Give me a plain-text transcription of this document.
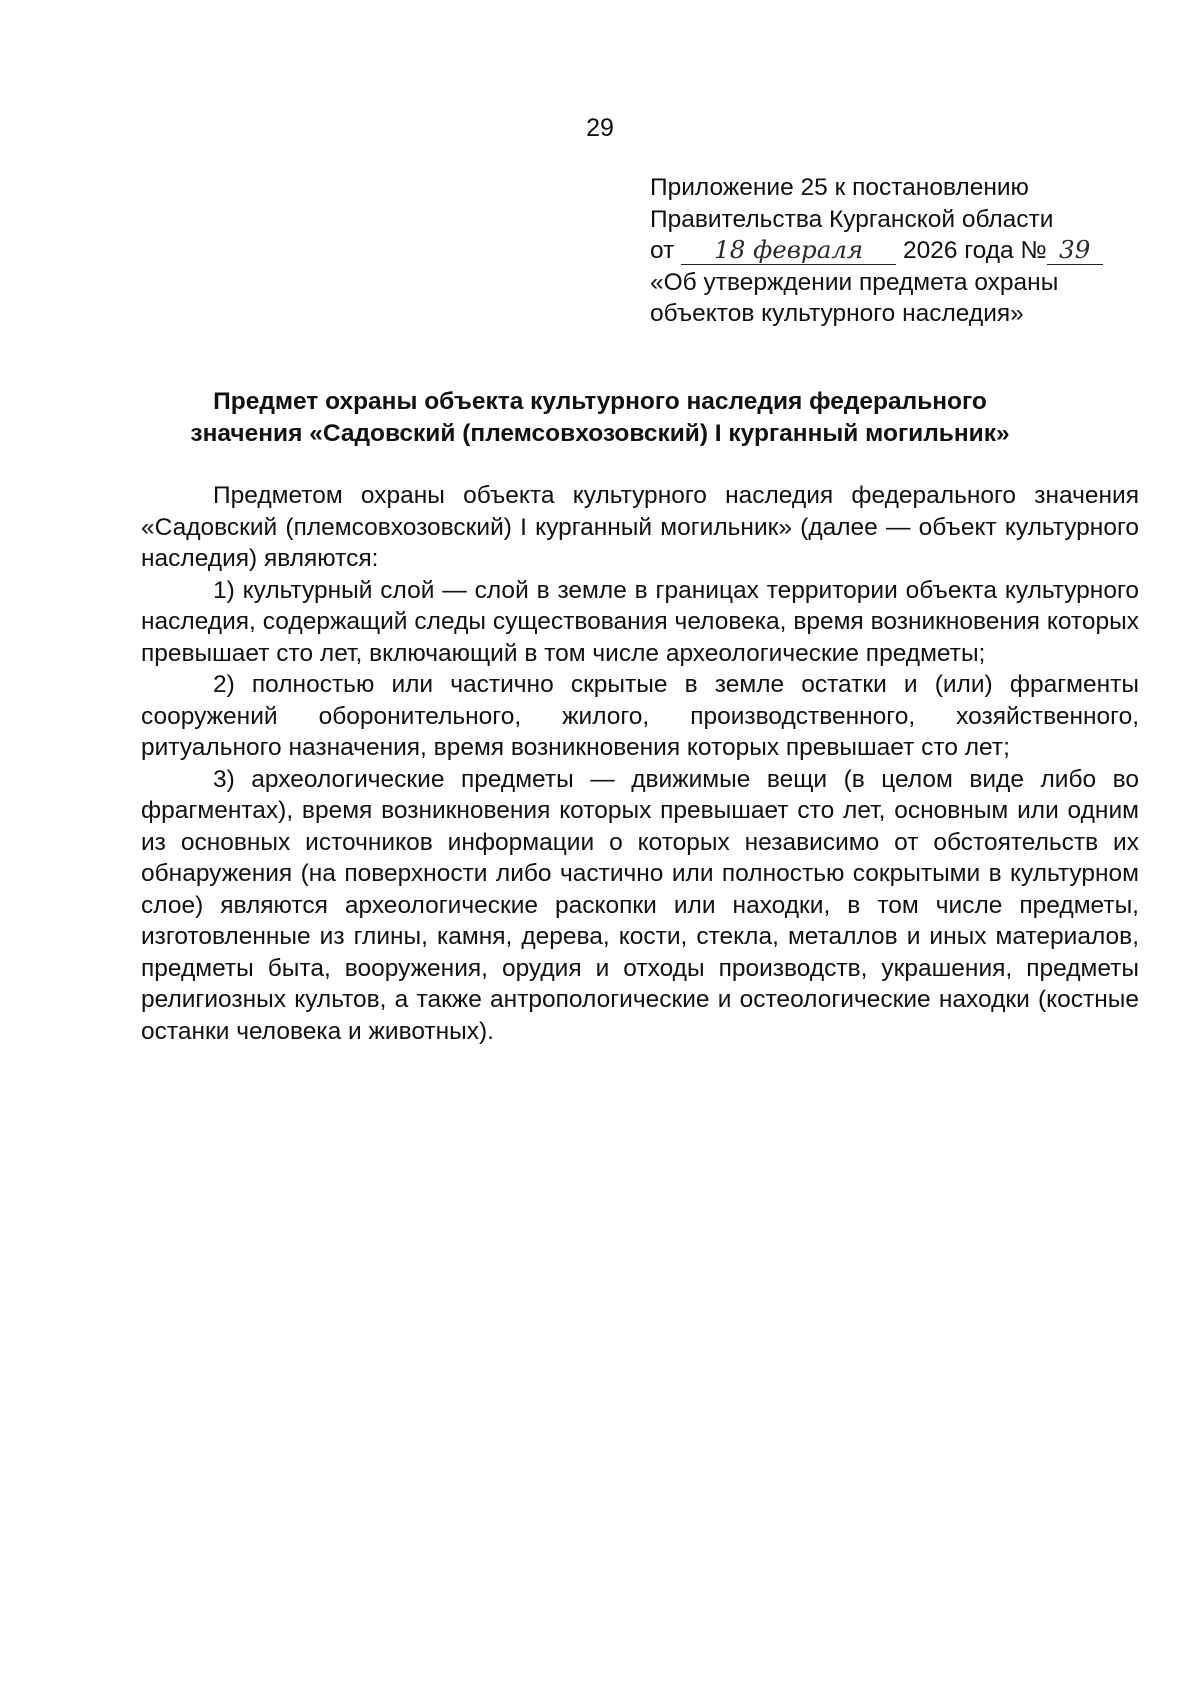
29
Приложение 25 к постановлению
Правительства Курганской области
от 18 февраля 2026 года № 39
«Об утверждении предмета охраны
объектов культурного наследия»
Предмет охраны объекта культурного наследия федерального
значения «Садовский (племсовхозовский) I курганный могильник»

Предметом охраны объекта культурного наследия федерального значения «Садовский (племсовхозовский) I курганный могильник» (далее — объект культурного наследия) являются:

1) культурный слой — слой в земле в границах территории объекта культурного наследия, содержащий следы существования человека, время возникновения которых превышает сто лет, включающий в том числе археологические предметы;

2) полностью или частично скрытые в земле остатки и (или) фрагменты сооружений оборонительного, жилого, производственного, хозяйственного, ритуального назначения, время возникновения которых превышает сто лет;

3) археологические предметы — движимые вещи (в целом виде либо во фрагментах), время возникновения которых превышает сто лет, основным или одним из основных источников информации о которых независимо от обстоятельств их обнаружения (на поверхности либо частично или полностью сокрытыми в культурном слое) являются археологические раскопки или находки, в том числе предметы, изготовленные из глины, камня, дерева, кости, стекла, металлов и иных материалов, предметы быта, вооружения, орудия и отходы производств, украшения, предметы религиозных культов, а также антропологические и остеологические находки (костные останки человека и животных).
